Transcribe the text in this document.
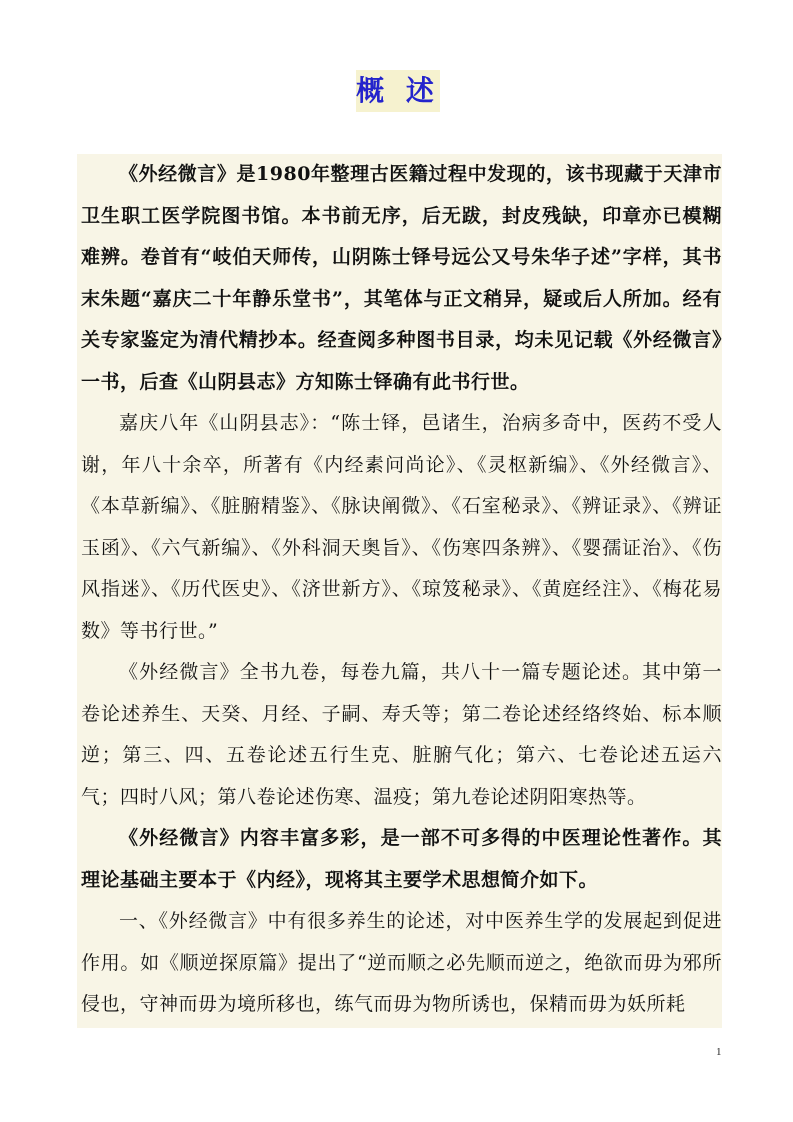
概 述

《外经微言》是1980年整理古医籍过程中发现的，该书现藏于天津市卫生职工医学院图书馆。本书前无序，后无跋，封皮残缺，印章亦已模糊难辨。卷首有“岐伯天师传，山阴陈士铎号远公又号朱华子述”字样，其书末朱题“嘉庆二十年静乐堂书”，其笔体与正文稍异，疑或后人所加。经有关专家鉴定为清代精抄本。经查阅多种图书目录，均未见记载《外经微言》一书，后查《山阴县志》方知陈士铎确有此书行世。

嘉庆八年《山阴县志》：“陈士铎，邑诸生，治病多奇中，医药不受人谢，年八十余卒，所著有《内经素问尚论》、《灵枢新编》、《外经微言》、《本草新编》、《脏腑精鉴》、《脉诀阐微》、《石室秘录》、《辨证录》、《辨证玉函》、《六气新编》、《外科洞天奥旨》、《伤寒四条辨》、《婴孺证治》、《伤风指迷》、《历代医史》、《济世新方》、《琼笈秘录》、《黄庭经注》、《梅花易数》等书行世。”

《外经微言》全书九卷，每卷九篇，共八十一篇专题论述。其中第一卷论述养生、天癸、月经、子嗣、寿夭等；第二卷论述经络终始、标本顺逆；第三、四、五卷论述五行生克、脏腑气化；第六、七卷论述五运六气；四时八风；第八卷论述伤寒、温疫；第九卷论述阴阳寒热等。

《外经微言》内容丰富多彩，是一部不可多得的中医理论性著作。其理论基础主要本于《内经》，现将其主要学术思想简介如下。

一、《外经微言》中有很多养生的论述，对中医养生学的发展起到促进作用。如《顺逆探原篇》提出了“逆而顺之必先顺而逆之，绝欲而毋为邪所侵也，守神而毋为境所移也，练气而毋为物所诱也，保精而毋为妖所耗

1
